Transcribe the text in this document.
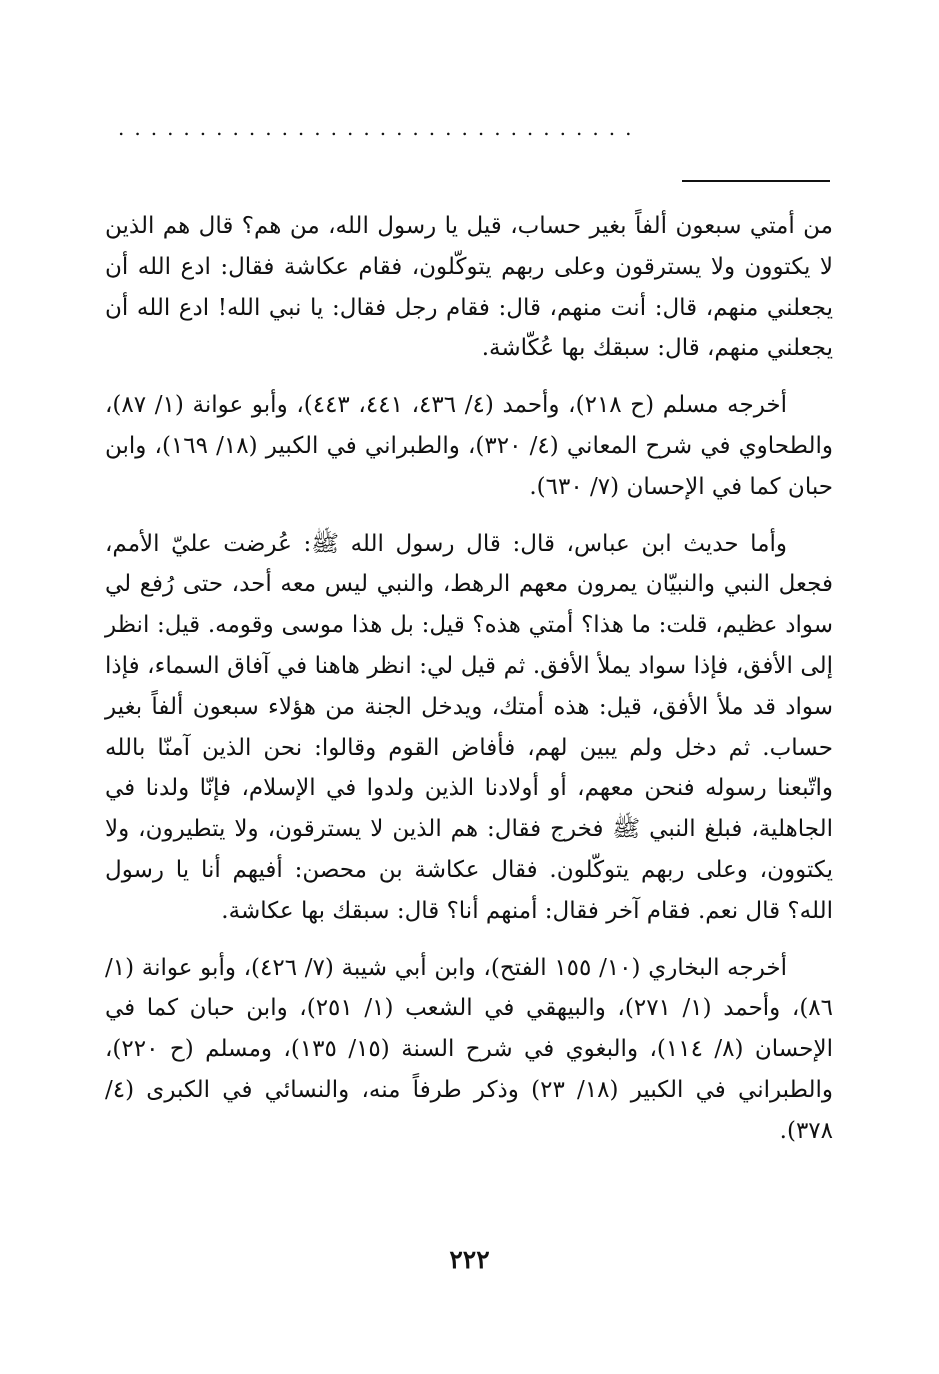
................................

من أمتي سبعون ألفاً بغير حساب، قيل يا رسول الله، من هم؟ قال هم الذين لا يكتوون ولا يسترقون وعلى ربهم يتوكّلون، فقام عكاشة فقال: ادع الله أن يجعلني منهم، قال: أنت منهم، قال: فقام رجل فقال: يا نبي الله! ادع الله أن يجعلني منهم، قال: سبقك بها عُكّاشة.

أخرجه مسلم (ح ٢١٨)، وأحمد (٤/ ٤٣٦، ٤٤١، ٤٤٣)، وأبو عوانة (١/ ٨٧)، والطحاوي في شرح المعاني (٤/ ٣٢٠)، والطبراني في الكبير (١٨/ ١٦٩)، وابن حبان كما في الإحسان (٧/ ٦٣٠).

وأما حديث ابن عباس، قال: قال رسول الله ﷺ: عُرضت عليّ الأمم، فجعل النبي والنبيّان يمرون معهم الرهط، والنبي ليس معه أحد، حتى رُفع لي سواد عظيم، قلت: ما هذا؟ أمتي هذه؟ قيل: بل هذا موسى وقومه. قيل: انظر إلى الأفق، فإذا سواد يملأ الأفق. ثم قيل لي: انظر هاهنا في آفاق السماء، فإذا سواد قد ملأ الأفق، قيل: هذه أمتك، ويدخل الجنة من هؤلاء سبعون ألفاً بغير حساب. ثم دخل ولم يبين لهم، فأفاض القوم وقالوا: نحن الذين آمنّا بالله واتّبعنا رسوله فنحن معهم، أو أولادنا الذين ولدوا في الإسلام، فإنّا ولدنا في الجاهلية، فبلغ النبي ﷺ فخرج فقال: هم الذين لا يسترقون، ولا يتطيرون، ولا يكتوون، وعلى ربهم يتوكّلون. فقال عكاشة بن محصن: أفيهم أنا يا رسول الله؟ قال نعم. فقام آخر فقال: أمنهم أنا؟ قال: سبقك بها عكاشة.

أخرجه البخاري (١٠/ ١٥٥ الفتح)، وابن أبي شيبة (٧/ ٤٢٦)، وأبو عوانة (١/ ٨٦)، وأحمد (١/ ٢٧١)، والبيهقي في الشعب (١/ ٢٥١)، وابن حبان كما في الإحسان (٨/ ١١٤)، والبغوي في شرح السنة (١٥/ ١٣٥)، ومسلم (ح ٢٢٠)، والطبراني في الكبير (١٨/ ٢٣) وذكر طرفاً منه، والنسائي في الكبرى (٤/ ٣٧٨).

٢٢٢
